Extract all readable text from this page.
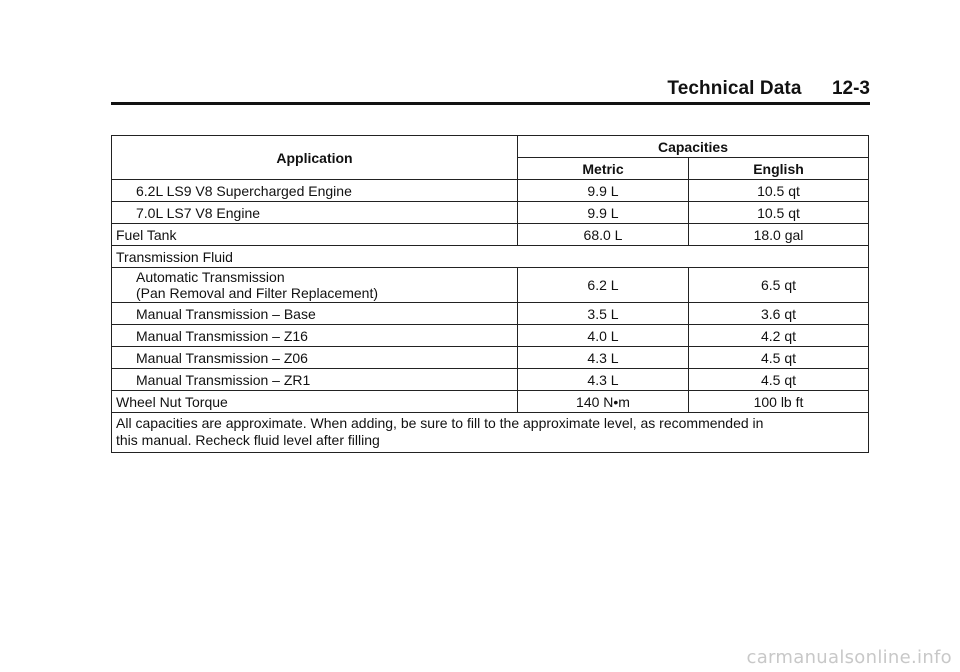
Technical Data 12-3
Application	Capacities	
	Metric	English
6.2L LS9 V8 Supercharged Engine	9.9 L	10.5 qt
7.0L LS7 V8 Engine	9.9 L	10.5 qt
Fuel Tank	68.0 L	18.0 gal
Transmission Fluid		

Automatic Transmission
(Pan Removal and Filter Replacement)	6.2 L	6.5 qt
Manual Transmission – Base	3.5 L	3.6 qt
Manual Transmission – Z16	4.0 L	4.2 qt
Manual Transmission – Z06	4.3 L	4.5 qt
Manual Transmission – ZR1	4.3 L	4.5 qt
Wheel Nut Torque	140 N•m	100 lb ft

All capacities are approximate. When adding, be sure to fill to the approximate level, as recommended in
this manual. Recheck fluid level after filling		
carmanualsonline.info
